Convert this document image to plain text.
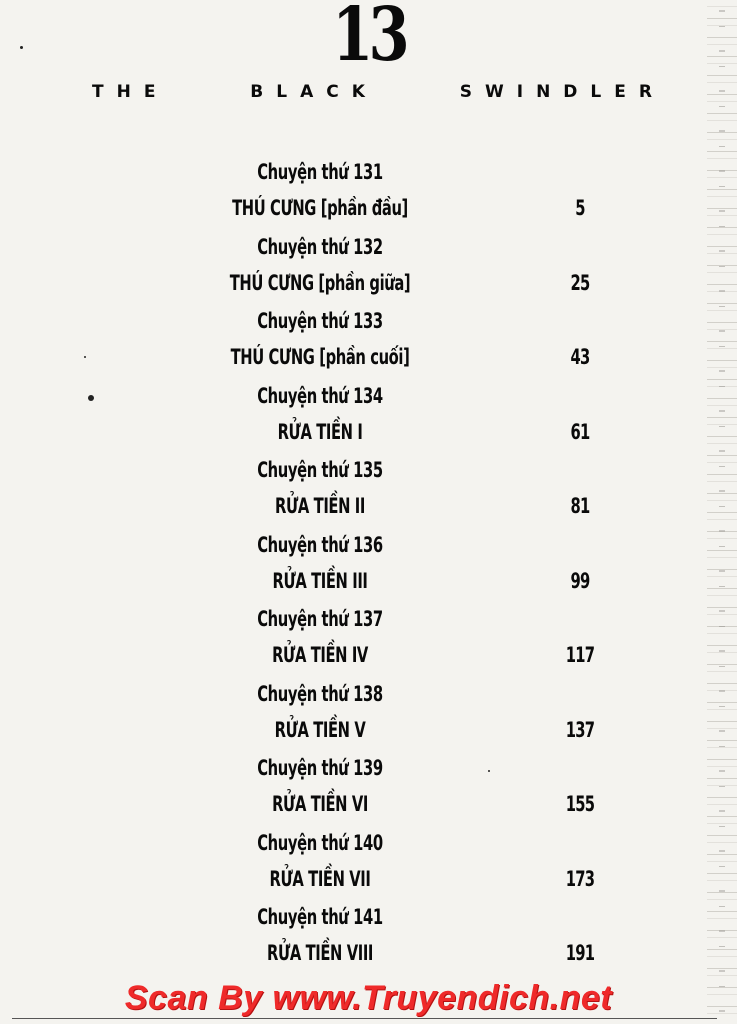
13
T H E	B L A C K	S W I N D L E R
Chuyện thứ 131
THÚ CƯNG [phần đầu]	5
Chuyện thứ 132
THÚ CƯNG [phần giữa]	25
Chuyện thứ 133
THÚ CƯNG [phần cuối]	43
Chuyện thứ 134
RỬA TIỀN I	61
Chuyện thứ 135
RỬA TIỀN II	81
Chuyện thứ 136
RỬA TIỀN III	99
Chuyện thứ 137
RỬA TIỀN IV	117
Chuyện thứ 138
RỬA TIỀN V	137
Chuyện thứ 139
RỬA TIỀN VI	155
Chuyện thứ 140
RỬA TIỀN VII	173
Chuyện thứ 141
RỬA TIỀN VIII	191
Scan By www.Truyendich.net
